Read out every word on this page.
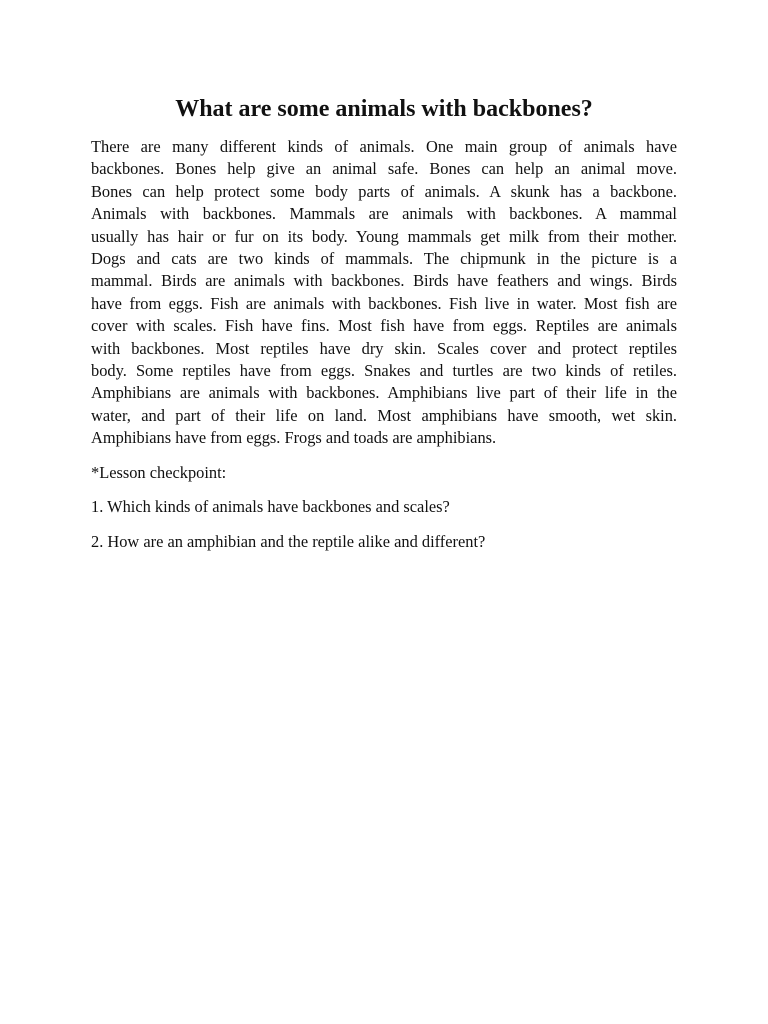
What are some animals with backbones?
There are many different kinds of animals. One main group of animals have
backbones. Bones help give an animal safe. Bones can help an animal move.
Bones can help protect some body parts of animals. A skunk has a backbone.
Animals with backbones. Mammals are animals with backbones. A mammal
usually has hair or fur on its body. Young mammals get milk from their mother.
Dogs and cats are two kinds of mammals. The chipmunk in the picture is a
mammal. Birds are animals with backbones. Birds have feathers and wings. Birds
have from eggs. Fish are animals with backbones. Fish live in water. Most fish are
cover with scales. Fish have fins. Most fish have from eggs. Reptiles are animals
with backbones. Most reptiles have dry skin. Scales cover and protect reptiles
body. Some reptiles have from eggs. Snakes and turtles are two kinds of retiles.
Amphibians are animals with backbones. Amphibians live part of their life in the
water, and part of their life on land. Most amphibians have smooth, wet skin.
Amphibians have from eggs. Frogs and toads are amphibians.

*Lesson checkpoint:

1. Which kinds of animals have backbones and scales?

2. How are an amphibian and the reptile alike and different?
